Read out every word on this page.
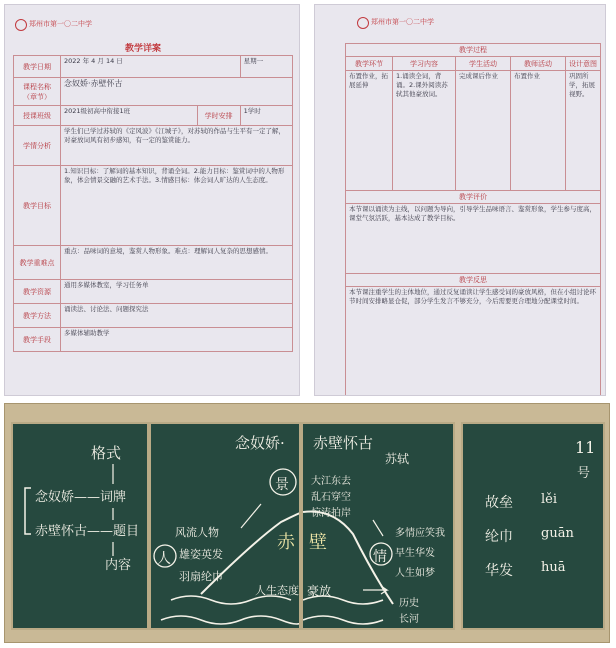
郑州市第一〇二中学
教学详案
教学日期	2022 年 4 月 14 日		星期一
课程名称（章节）	念奴娇·赤壁怀古		
授课班级	2021级初高中衔接1班	学时安排	1学时
学情分析	学生们已学过苏轼的《定风波》《江城子》，对苏轼的作品与生平有一定了解，对豪放词风有初步感知，有一定的鉴赏能力。		
教学目标	1.知识目标：了解词的基本知识，背诵全词。2.能力目标：鉴赏词中的人物形象，体会情景交融的艺术手法。3.情感目标：体会词人旷达的人生态度。		
教学重难点	重点：品味词的意境，鉴赏人物形象。难点：理解词人复杂的思想感情。		
教学资源	通用多媒体教室，学习任务单		
教学方法	诵读法、讨论法、问题探究法		
教学手段	多媒体辅助教学		
郑州市第一〇二中学
教学过程				
教学环节	学习内容	学生活动	教师活动	设计意图
布置作业，拓展延伸	1.诵读全词，背诵。2.课外阅读苏轼其他豪放词。	完成课后作业	布置作业	巩固所学，拓展视野。
教学评价				
本节课以诵读为主线，以问题为导向，引导学生品味语言、鉴赏形象，学生参与度高，课堂气氛活跃，基本达成了教学目标。				
教学反思				
本节课注重学生的主体地位，通过反复诵读让学生感受词的豪放风格，但在小组讨论环节时间安排略显仓促，部分学生发言不够充分，今后需要更合理地分配课堂时间。				
格式
念奴娇——词牌
赤壁怀古——题目
内容
念奴娇·
景
人
风流人物
雄姿英发
羽扇纶巾
赤
人生态度
赤壁怀古
苏轼
大江东去
乱石穿空
惊涛拍岸
壁
情
多情应笑我
早生华发
人生如梦
豪放
历史
长河
11
号
故垒 lěi
纶巾 guān
华发 huā
